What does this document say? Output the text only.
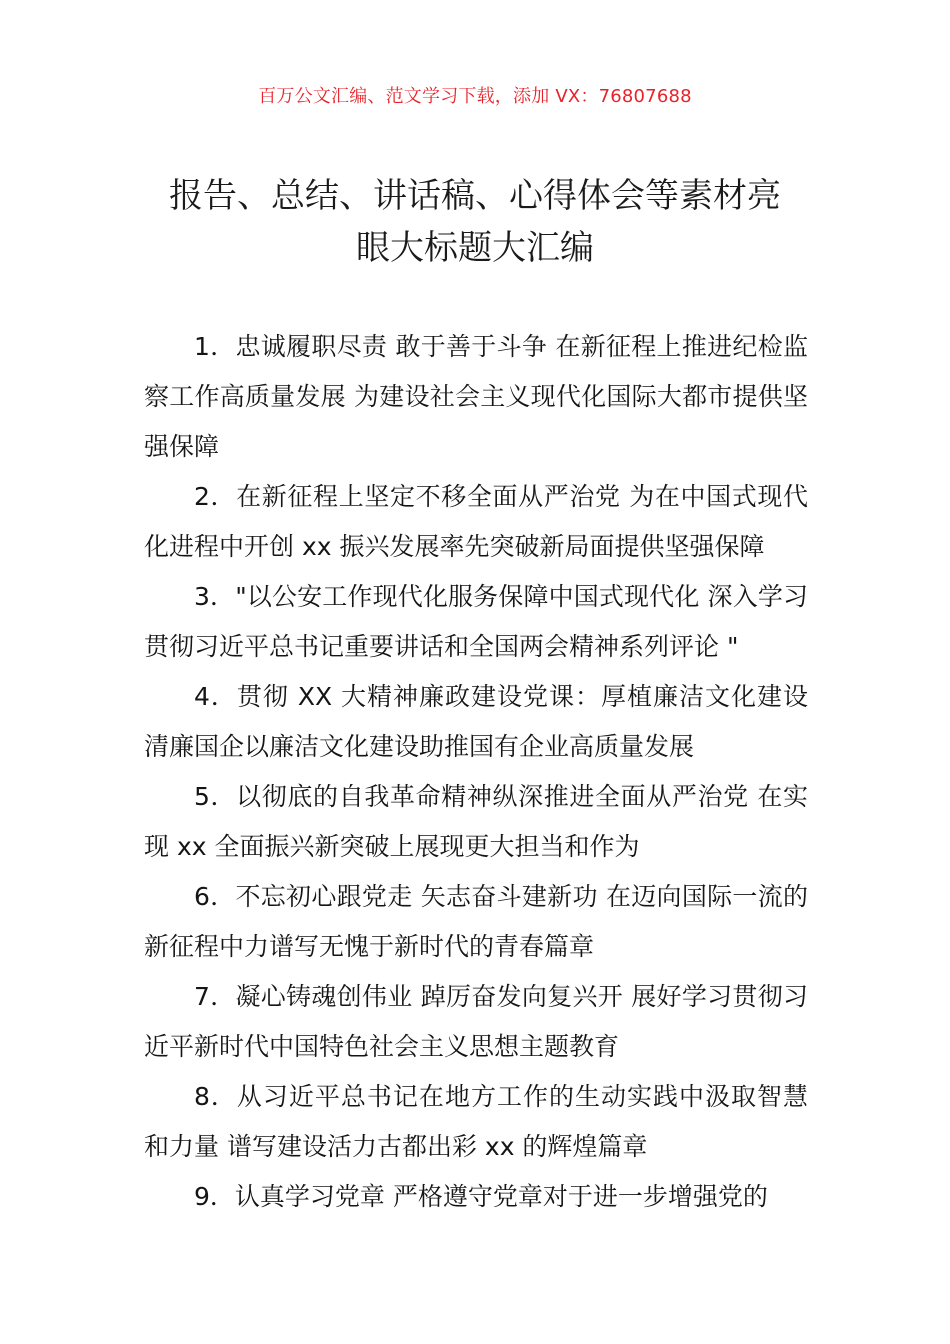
百万公文汇编、范文学习下载，添加 VX：76807688
报告、总结、讲话稿、心得体会等素材亮
眼大标题大汇编

1．忠诚履职尽责 敢于善于斗争 在新征程上推进纪检监察工作高质量发展 为建设社会主义现代化国际大都市提供坚强保障

2．在新征程上坚定不移全面从严治党 为在中国式现代化进程中开创 xx 振兴发展率先突破新局面提供坚强保障

3．"以公安工作现代化服务保障中国式现代化 深入学习贯彻习近平总书记重要讲话和全国两会精神系列评论 "

4．贯彻 XX 大精神廉政建设党课：厚植廉洁文化建设 清廉国企以廉洁文化建设助推国有企业高质量发展

5．以彻底的自我革命精神纵深推进全面从严治党 在实现 xx 全面振兴新突破上展现更大担当和作为

6．不忘初心跟党走 矢志奋斗建新功 在迈向国际一流的新征程中力谱写无愧于新时代的青春篇章

7．凝心铸魂创伟业 踔厉奋发向复兴开 展好学习贯彻习近平新时代中国特色社会主义思想主题教育

8．从习近平总书记在地方工作的生动实践中汲取智慧和力量 谱写建设活力古都出彩 xx 的辉煌篇章

9．认真学习党章 严格遵守党章对于进一步增强党的
